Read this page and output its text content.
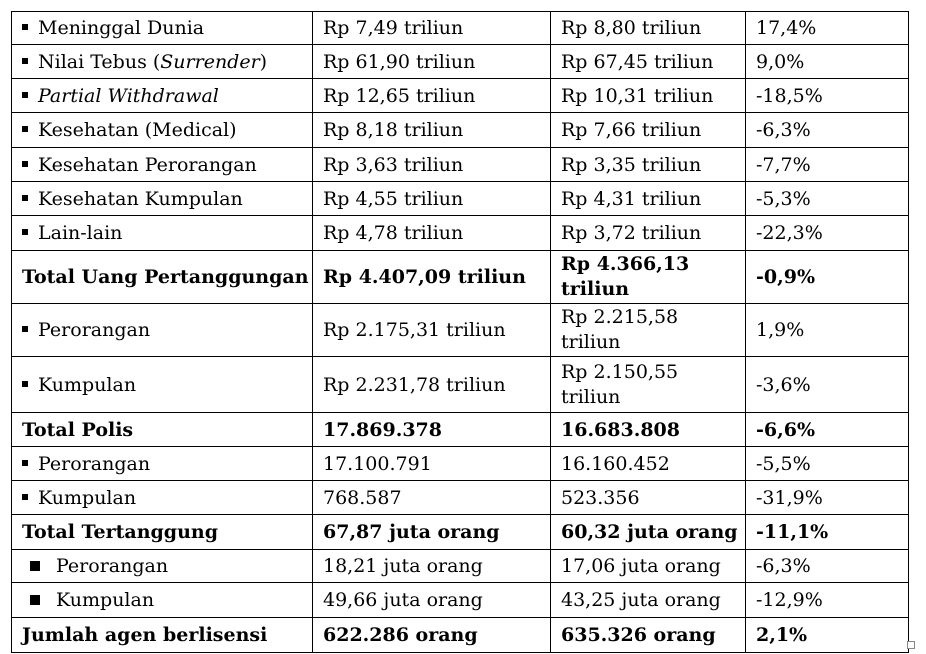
Meninggal Dunia	Rp 7,49 triliun	Rp 8,80 triliun	17,4%
Nilai Tebus (Surrender)	Rp 61,90 triliun	Rp 67,45 triliun	9,0%
Partial Withdrawal	Rp 12,65 triliun	Rp 10,31 triliun	-18,5%
Kesehatan (Medical)	Rp 8,18 triliun	Rp 7,66 triliun	-6,3%
Kesehatan Perorangan	Rp 3,63 triliun	Rp 3,35 triliun	-7,7%
Kesehatan Kumpulan	Rp 4,55 triliun	Rp 4,31 triliun	-5,3%
Lain-lain	Rp 4,78 triliun	Rp 3,72 triliun	-22,3%
Total Uang Pertanggungan	Rp 4.407,09 triliun	Rp 4.366,13 triliun	-0,9%
Perorangan	Rp 2.175,31 triliun	Rp 2.215,58 triliun	1,9%
Kumpulan	Rp 2.231,78 triliun	Rp 2.150,55 triliun	-3,6%
Total Polis	17.869.378	16.683.808	-6,6%
Perorangan	17.100.791	16.160.452	-5,5%
Kumpulan	768.587	523.356	-31,9%
Total Tertanggung	67,87 juta orang	60,32 juta orang	-11,1%
Perorangan	18,21 juta orang	17,06 juta orang	-6,3%
Kumpulan	49,66 juta orang	43,25 juta orang	-12,9%
Jumlah agen berlisensi	622.286 orang	635.326 orang	2,1%
